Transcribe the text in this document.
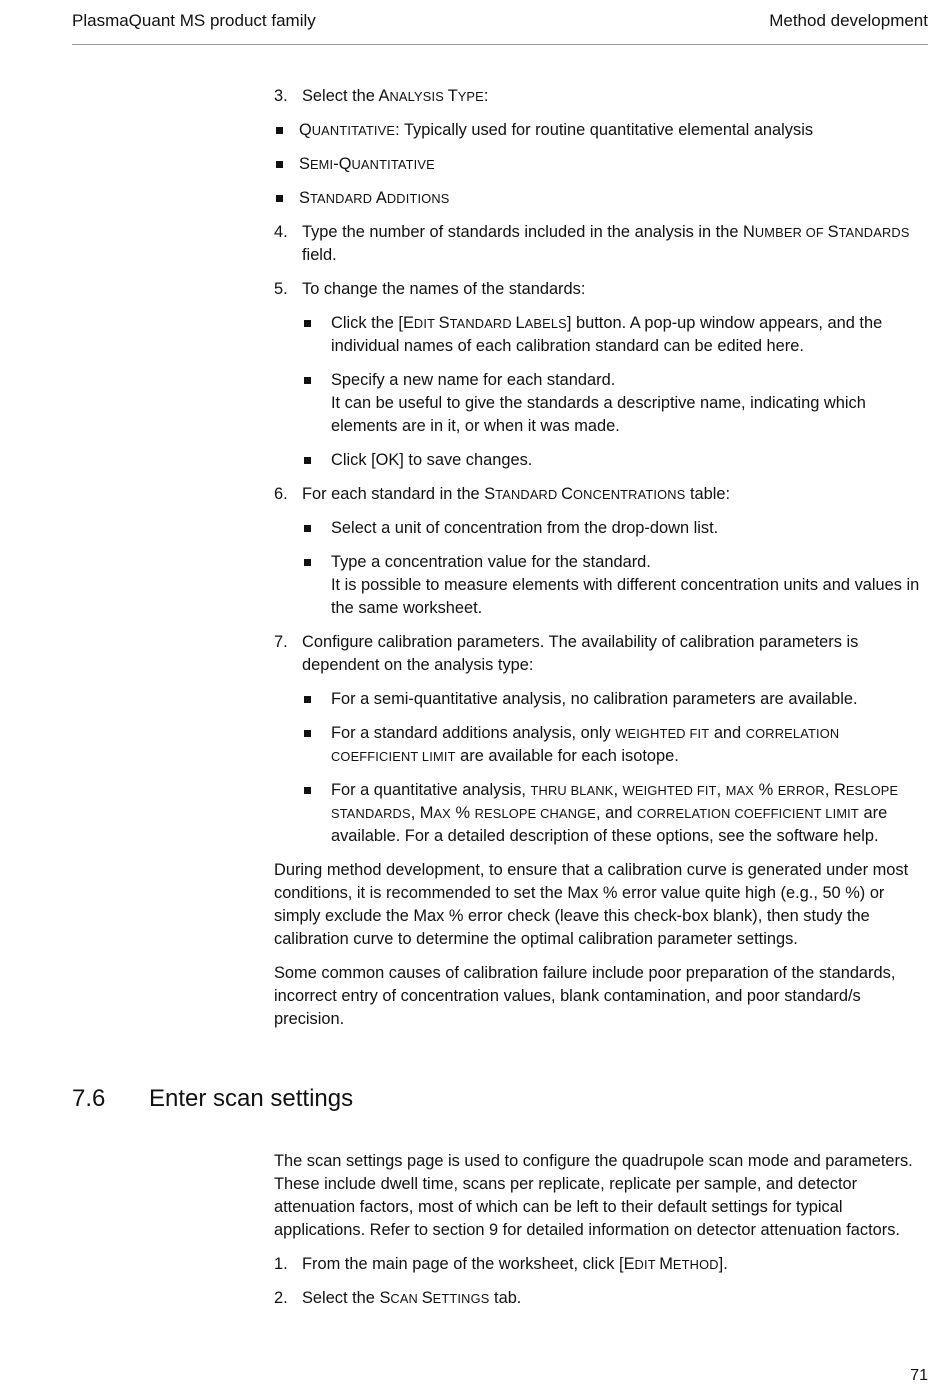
PlasmaQuant MS product family	Method development
3. Select the ANALYSIS TYPE:
QUANTITATIVE: Typically used for routine quantitative elemental analysis
SEMI-QUANTITATIVE
STANDARD ADDITIONS
4. Type the number of standards included in the analysis in the NUMBER OF STANDARDS field.
5. To change the names of the standards:
Click the [EDIT STANDARD LABELS] button. A pop-up window appears, and the individual names of each calibration standard can be edited here.
Specify a new name for each standard.
It can be useful to give the standards a descriptive name, indicating which elements are in it, or when it was made.
Click [OK] to save changes.
6. For each standard in the STANDARD CONCENTRATIONS table:
Select a unit of concentration from the drop-down list.
Type a concentration value for the standard.
It is possible to measure elements with different concentration units and values in the same worksheet.
7. Configure calibration parameters. The availability of calibration parameters is dependent on the analysis type:
For a semi-quantitative analysis, no calibration parameters are available.
For a standard additions analysis, only WEIGHTED FIT and CORRELATION COEFFICIENT LIMIT are available for each isotope.
For a quantitative analysis, THRU BLANK, WEIGHTED FIT, MAX % ERROR, RESLOPE STANDARDS, MAX % RESLOPE CHANGE, and CORRELATION COEFFICIENT LIMIT are available. For a detailed description of these options, see the software help.
During method development, to ensure that a calibration curve is generated under most conditions, it is recommended to set the Max % error value quite high (e.g., 50 %) or simply exclude the Max % error check (leave this check-box blank), then study the calibration curve to determine the optimal calibration parameter settings.
Some common causes of calibration failure include poor preparation of the standards, incorrect entry of concentration values, blank contamination, and poor standard/s precision.
7.6 Enter scan settings
The scan settings page is used to configure the quadrupole scan mode and parameters. These include dwell time, scans per replicate, replicate per sample, and detector attenuation factors, most of which can be left to their default settings for typical applications. Refer to section 9 for detailed information on detector attenuation factors.
1. From the main page of the worksheet, click [EDIT METHOD].
2. Select the SCAN SETTINGS tab.
71
